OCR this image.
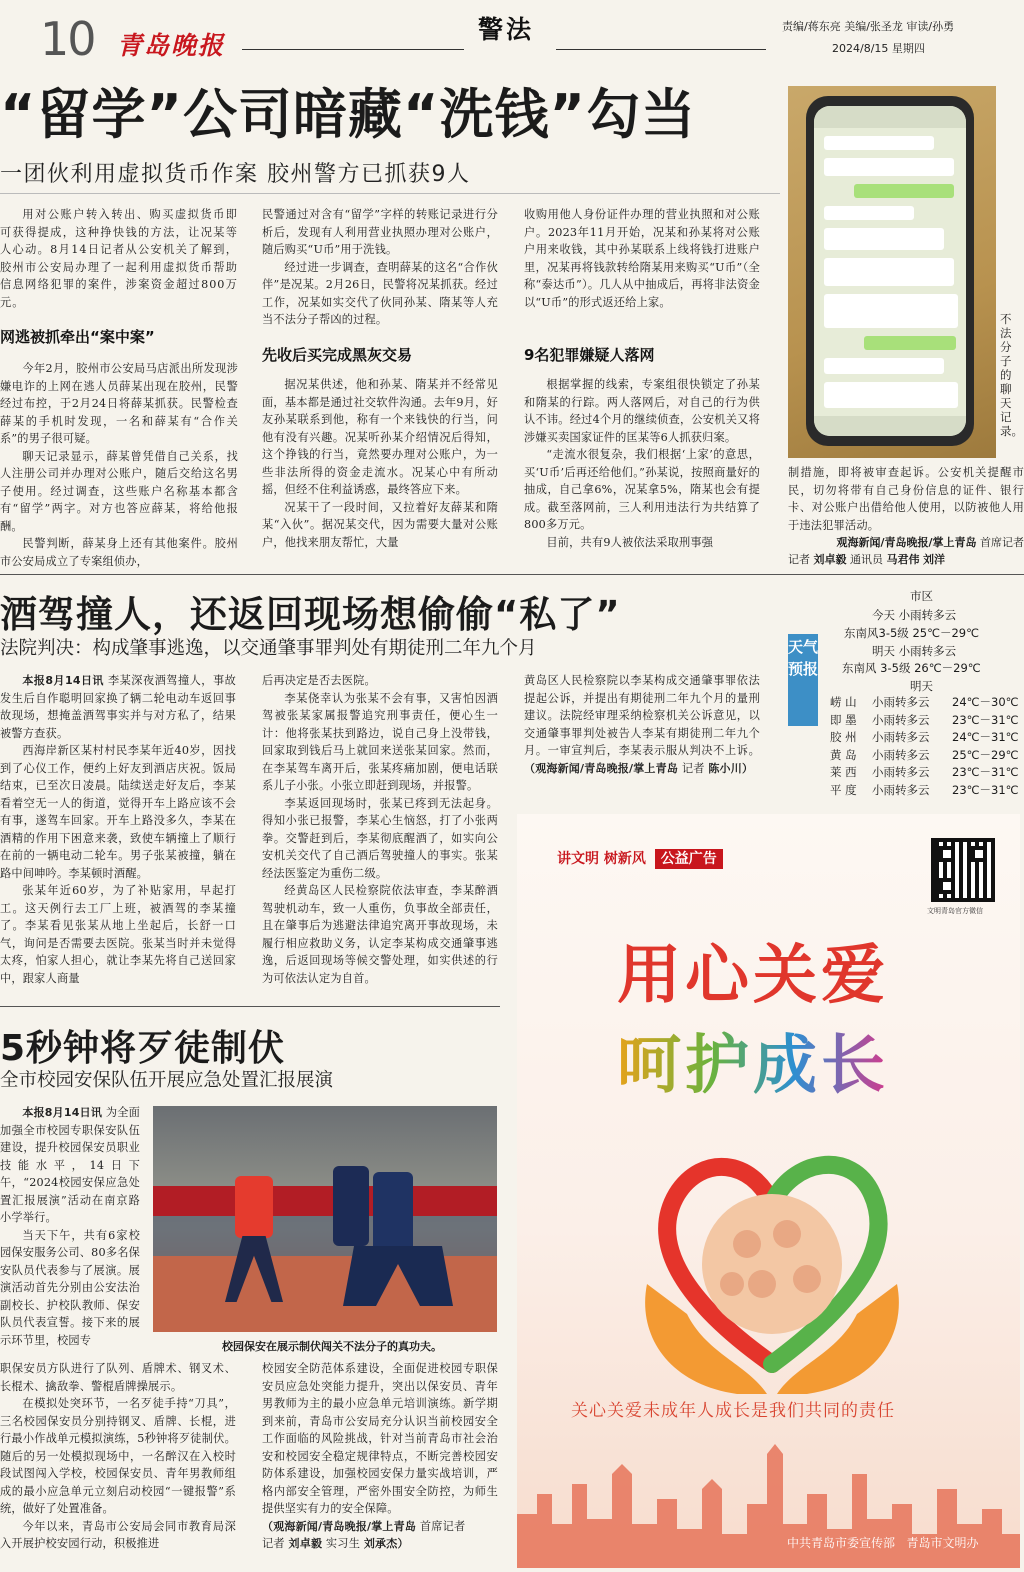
10 青岛晚报
警法	责编/蒋东亮 美编/张圣龙 审读/孙勇
2024/8/15 星期四
“留学”公司暗藏“洗钱”勾当
一团伙利用虚拟货币作案 胶州警方已抓获9人

用对公账户转入转出、购买虚拟货币即可获得提成，这种挣快钱的方法，让况某等人心动。8月14日记者从公安机关了解到，胶州市公安局办理了一起利用虚拟货币帮助信息网络犯罪的案件，涉案资金超过800万元。

网逃被抓牵出“案中案”

今年2月，胶州市公安局马店派出所发现涉嫌电诈的上网在逃人员薛某出现在胶州，民警经过布控，于2月24日将薛某抓获。民警检查薛某的手机时发现，一名和薛某有“合作关系”的男子很可疑。

聊天记录显示，薛某曾凭借自己关系，找人注册公司并办理对公账户，随后交给这名男子使用。经过调查，这些账户名称基本都含有“留学”两字。对方也答应薛某，将给他报酬。

民警判断，薛某身上还有其他案件。胶州市公安局成立了专案组侦办，

民警通过对含有“留学”字样的转账记录进行分析后，发现有人利用营业执照办理对公账户，随后购买“U币”用于洗钱。

经过进一步调查，查明薛某的这名“合作伙伴”是况某。2月26日，民警将况某抓获。经过工作，况某如实交代了伙同孙某、隋某等人充当不法分子帮凶的过程。

先收后买完成黑灰交易

据况某供述，他和孙某、隋某并不经常见面，基本都是通过社交软件沟通。去年9月，好友孙某联系到他，称有一个来钱快的行当，问他有没有兴趣。况某听孙某介绍情况后得知，这个挣钱的行当，竟然要办理对公账户，为一些非法所得的资金走流水。况某心中有所动摇，但经不住利益诱惑，最终答应下来。

况某干了一段时间，又拉着好友薛某和隋某“入伙”。据况某交代，因为需要大量对公账户，他找来朋友帮忙，大量

收购用他人身份证件办理的营业执照和对公账户。2023年11月开始，况某和孙某将对公账户用来收钱，其中孙某联系上线将钱打进账户里，况某再将钱款转给隋某用来购买“U币”（全称“泰达币”）。几人从中抽成后，再将非法资金以“U币”的形式返还给上家。

9名犯罪嫌疑人落网

根据掌握的线索，专案组很快锁定了孙某和隋某的行踪。两人落网后，对自己的行为供认不讳。经过4个月的继续侦查，公安机关又将涉嫌买卖国家证件的匡某等6人抓获归案。

“走流水很复杂，我们根据‘上家’的意思，买‘U币’后再还给他们。”孙某说，按照商量好的抽成，自己拿6%，况某拿5%，隋某也会有提成。截至落网前，三人利用违法行为共结算了800多万元。

目前，共有9人被依法采取刑事强

不法分子的聊天记录。

制措施，即将被审查起诉。公安机关提醒市民，切勿将带有自己身份信息的证件、银行卡、对公账户出借给他人使用，以防被他人用于违法犯罪活动。

观海新闻/青岛晚报/掌上青岛 首席记者
记者 刘卓毅 通讯员 马君伟 刘洋
酒驾撞人，还返回现场想偷偷“私了”
法院判决：构成肇事逃逸，以交通肇事罪判处有期徒刑二年九个月

本报8月14日讯 李某深夜酒驾撞人，事故发生后自作聪明回家换了辆二轮电动车返回事故现场，想掩盖酒驾事实并与对方私了，结果被警方查获。

西海岸新区某村村民李某年近40岁，因找到了心仪工作，便约上好友到酒店庆祝。饭局结束，已至次日凌晨。陆续送走好友后，李某看着空无一人的街道，觉得开车上路应该不会有事，遂驾车回家。开车上路没多久，李某在酒精的作用下困意来袭，致使车辆撞上了顺行在前的一辆电动二轮车。男子张某被撞，躺在路中间呻吟。李某顿时酒醒。

张某年近60岁，为了补贴家用，早起打工。这天例行去工厂上班，被酒驾的李某撞了。李某看见张某从地上坐起后，长舒一口气，询问是否需要去医院。张某当时并未觉得太疼，怕家人担心，就让李某先将自己送回家中，跟家人商量

后再决定是否去医院。

李某侥幸认为张某不会有事，又害怕因酒驾被张某家属报警追究刑事责任，便心生一计：他将张某扶到路边，说自己身上没带钱，回家取到钱后马上就回来送张某回家。然而，在李某驾车离开后，张某疼痛加剧，便电话联系儿子小张。小张立即赶到现场，并报警。

李某返回现场时，张某已疼到无法起身。得知小张已报警，李某心生恼怒，打了小张两拳。交警赶到后，李某彻底醒酒了，如实向公安机关交代了自己酒后驾驶撞人的事实。张某经法医鉴定为重伤二级。

经黄岛区人民检察院依法审查，李某醉酒驾驶机动车，致一人重伤，负事故全部责任，且在肇事后为逃避法律追究离开事故现场，未履行相应救助义务，认定李某构成交通肇事逃逸，后返回现场等候交警处理，如实供述的行为可依法认定为自首。

黄岛区人民检察院以李某构成交通肇事罪依法提起公诉，并提出有期徒刑二年九个月的量刑建议。法院经审理采纳检察机关公诉意见，以交通肇事罪判处被告人李某有期徒刑二年九个月。一审宣判后，李某表示服从判决不上诉。（观海新闻/青岛晚报/掌上青岛 记者 陈小川）

天气预报
市区
今天 小雨转多云
东南风3-5级 25℃－29℃
明天 小雨转多云
东南风 3-5级 26℃－29℃
明天
崂 山	小雨转多云	24℃－30℃
即 墨	小雨转多云	23℃－31℃
胶 州	小雨转多云	24℃－31℃
黄 岛	小雨转多云	25℃－29℃
莱 西	小雨转多云	23℃－31℃
平 度	小雨转多云	23℃－31℃
5秒钟将歹徒制伏
全市校园安保队伍开展应急处置汇报展演

本报8月14日讯 为全面加强全市校园专职保安队伍建设，提升校园保安员职业技能水平，14日下午，“2024校园安保应急处置汇报展演”活动在南京路小学举行。

当天下午，共有6家校园保安服务公司、80多名保安队员代表参与了展演。展演活动首先分别由公安法治副校长、护校队教师、保安队员代表宣誓。接下来的展示环节里，校园专	校园保安在展示制伏闯关不法分子的真功夫。

职保安员方队进行了队列、盾牌术、钢叉术、长棍术、擒敌拳、警棍盾牌操展示。

在模拟处突环节，一名歹徒手持“刀具”，三名校园保安员分别持钢叉、盾牌、长棍，进行最小作战单元模拟演练，5秒钟将歹徒制伏。随后的另一处模拟现场中，一名醉汉在入校时段试图闯入学校，校园保安员、青年男教师组成的最小应急单元立刻启动校园“一键报警”系统，做好了处置准备。

今年以来，青岛市公安局会同市教育局深入开展护校安园行动，积极推进

校园安全防范体系建设，全面促进校园专职保安员应急处突能力提升，突出以保安员、青年男教师为主的最小应急单元培训演练。新学期到来前，青岛市公安局充分认识当前校园安全工作面临的风险挑战，针对当前青岛市社会治安和校园安全稳定规律特点，不断完善校园安防体系建设，加强校园安保力量实战培训，严格内部安全管理，严密外围安全防控，为师生提供坚实有力的安全保障。

（观海新闻/青岛晚报/掌上青岛 首席记者

记者 刘卓毅 实习生 刘承杰）

讲文明 树新风 公益广告
文明青岛官方微信
用心关爱
呵护成长
关心关爱未成年人成长是我们共同的责任
中共青岛市委宣传部 青岛市文明办
